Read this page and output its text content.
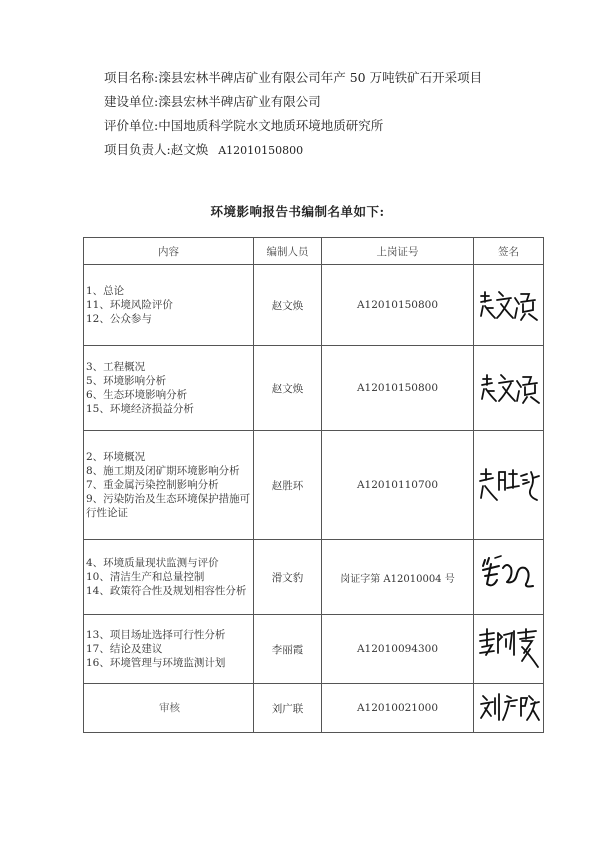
项目名称:滦县宏林半碑店矿业有限公司年产 50 万吨铁矿石开采项目
建设单位:滦县宏林半碑店矿业有限公司
评价单位:中国地质科学院水文地质环境地质研究所
项目负责人:赵文焕 A12010150800
环境影响报告书编制名单如下:
内容	编制人员	上岗证号	签名

1、总论
11、环境风险评价
12、公众参与	赵文焕	A12010150800	

3、工程概况
5、环境影响分析
6、生态环境影响分析
15、环境经济损益分析	赵文焕	A12010150800	

2、环境概况
8、施工期及闭矿期环境影响分析
7、重金属污染控制影响分析
9、污染防治及生态环境保护措施可行性论证	赵胜环	A12010110700	

4、环境质量现状监测与评价
10、清洁生产和总量控制
14、政策符合性及规划相容性分析	滑文豹	岗证字第 A12010004 号	

13、项目场址选择可行性分析
17、结论及建议
16、环境管理与环境监测计划	李丽霞	A12010094300	

审核	刘广联	A12010021000	
